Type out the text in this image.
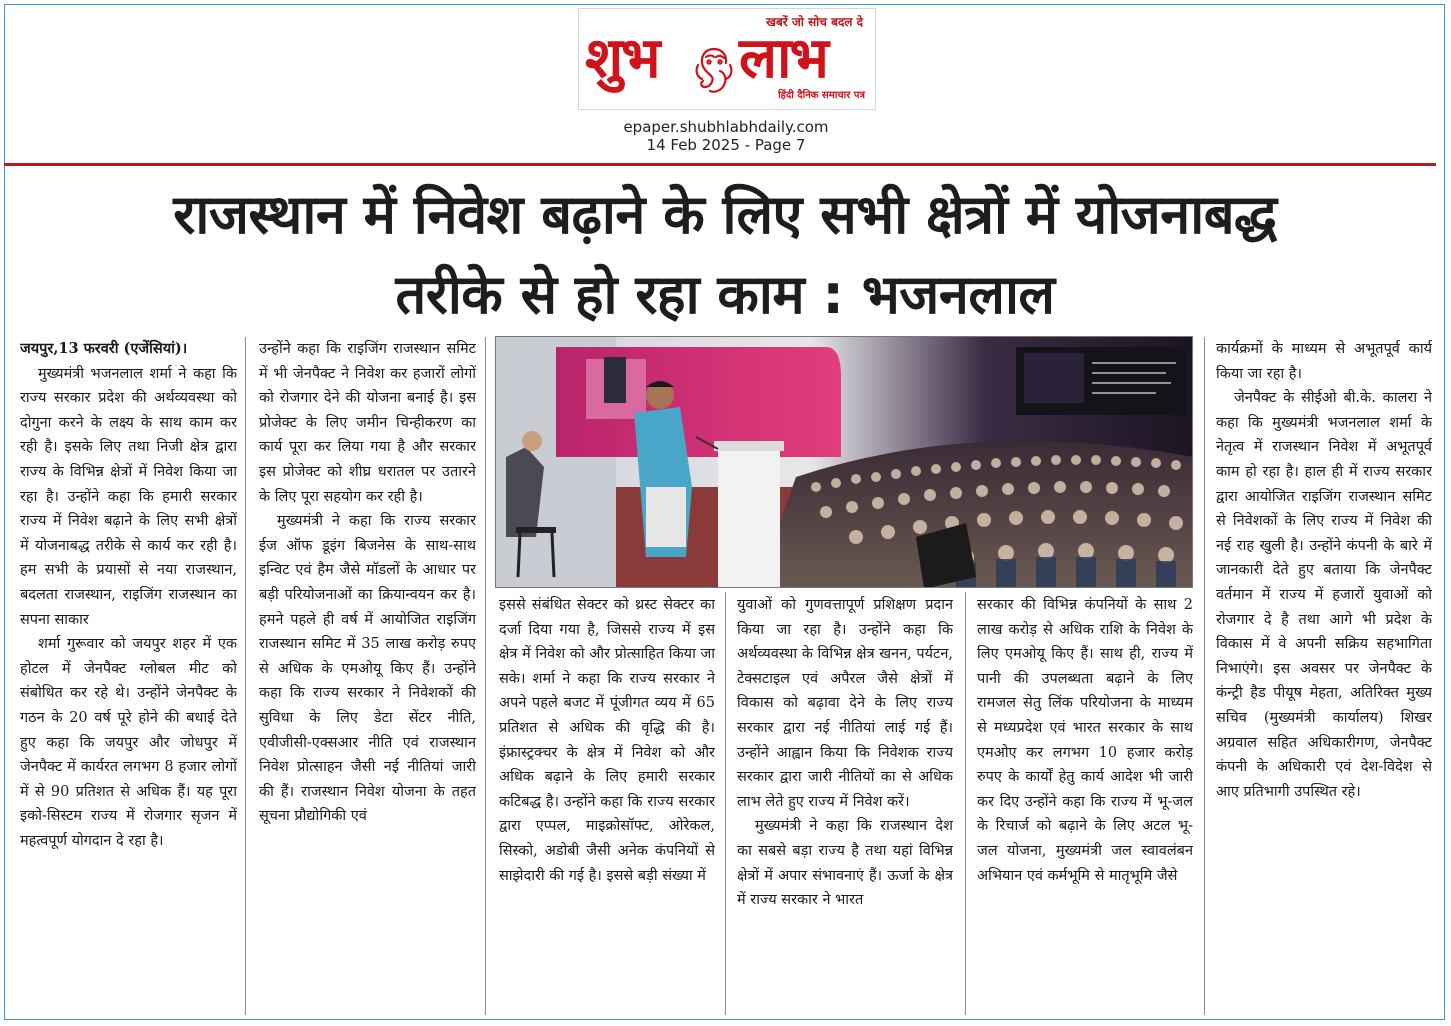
खबरें जो सोच बदल दे
शुभ लाभ
हिंदी दैनिक समाचार पत्र
epaper.shubhlabhdaily.com
14 Feb 2025 - Page 7
राजस्थान में निवेश बढ़ाने के लिए सभी क्षेत्रों में योजनाबद्ध
तरीके से हो रहा काम : भजनलाल

जयपुर,13 फरवरी (एजेंसियां)।

मुख्यमंत्री भजनलाल शर्मा ने कहा कि राज्य सरकार प्रदेश की अर्थव्यवस्था को दोगुना करने के लक्ष्य के साथ काम कर रही है। इसके लिए तथा निजी क्षेत्र द्वारा राज्य के विभिन्न क्षेत्रों में निवेश किया जा रहा है। उन्होंने कहा कि हमारी सरकार राज्य में निवेश बढ़ाने के लिए सभी क्षेत्रों में योजनाबद्ध तरीके से कार्य कर रही है। हम सभी के प्रयासों से नया राजस्थान, बदलता राजस्थान, राइजिंग राजस्थान का सपना साकार

शर्मा गुरूवार को जयपुर शहर में एक होटल में जेनपैक्ट ग्लोबल मीट को संबोधित कर रहे थे। उन्होंने जेनपैक्ट के गठन के 20 वर्ष पूरे होने की बधाई देते हुए कहा कि जयपुर और जोधपुर में जेनपैक्ट में कार्यरत लगभग 8 हजार लोगों में से 90 प्रतिशत से अधिक हैं। यह पूरा इको-सिस्टम राज्य में रोजगार सृजन में महत्वपूर्ण योगदान दे रहा है।

उन्होंने कहा कि राइजिंग राजस्थान समिट में भी जेनपैक्ट ने निवेश कर हजारों लोगों को रोजगार देने की योजना बनाई है। इस प्रोजेक्ट के लिए जमीन चिन्हीकरण का कार्य पूरा कर लिया गया है और सरकार इस प्रोजेक्ट को शीघ्र धरातल पर उतारने के लिए पूरा सहयोग कर रही है।

मुख्यमंत्री ने कहा कि राज्य सरकार ईज ऑफ डूइंग बिजनेस के साथ-साथ इन्विट एवं हैम जैसे मॉडलों के आधार पर बड़ी परियोजनाओं का क्रियान्वयन कर है। हमने पहले ही वर्ष में आयोजित राइजिंग राजस्थान समिट में 35 लाख करोड़ रुपए से अधिक के एमओयू किए हैं। उन्होंने कहा कि राज्य सरकार ने निवेशकों की सुविधा के लिए डेटा सेंटर नीति, एवीजीसी-एक्सआर नीति एवं राजस्थान निवेश प्रोत्साहन जैसी नई नीतियां जारी की हैं। राजस्थान निवेश योजना के तहत सूचना प्रौद्योगिकी एवं

इससे संबंधित सेक्टर को थ्रस्ट सेक्टर का दर्जा दिया गया है, जिससे राज्य में इस क्षेत्र में निवेश को और प्रोत्साहित किया जा सके। शर्मा ने कहा कि राज्य सरकार ने अपने पहले बजट में पूंजीगत व्यय में 65 प्रतिशत से अधिक की वृद्धि की है। इंफ्रास्ट्रक्चर के क्षेत्र में निवेश को और अधिक बढ़ाने के लिए हमारी सरकार कटिबद्ध है। उन्होंने कहा कि राज्य सरकार द्वारा एप्पल, माइक्रोसॉफ्ट, ओरेकल, सिस्को, अडोबी जैसी अनेक कंपनियों से साझेदारी की गई है। इससे बड़ी संख्या में

युवाओं को गुणवत्तापूर्ण प्रशिक्षण प्रदान किया जा रहा है। उन्होंने कहा कि अर्थव्यवस्था के विभिन्न क्षेत्र खनन, पर्यटन, टेक्सटाइल एवं अपैरल जैसे क्षेत्रों में विकास को बढ़ावा देने के लिए राज्य सरकार द्वारा नई नीतियां लाई गई हैं। उन्होंने आह्वान किया कि निवेशक राज्य सरकार द्वारा जारी नीतियों का से अधिक लाभ लेते हुए राज्य में निवेश करें।

मुख्यमंत्री ने कहा कि राजस्थान देश का सबसे बड़ा राज्य है तथा यहां विभिन्न क्षेत्रों में अपार संभावनाएं हैं। ऊर्जा के क्षेत्र में राज्य सरकार ने भारत

सरकार की विभिन्न कंपनियों के साथ 2 लाख करोड़ से अधिक राशि के निवेश के लिए एमओयू किए हैं। साथ ही, राज्य में पानी की उपलब्धता बढ़ाने के लिए रामजल सेतु लिंक परियोजना के माध्यम से मध्यप्रदेश एवं भारत सरकार के साथ एमओए कर लगभग 10 हजार करोड़ रुपए के कार्यों हेतु कार्य आदेश भी जारी कर दिए उन्होंने कहा कि राज्य में भू-जल के रिचार्ज को बढ़ाने के लिए अटल भू-जल योजना, मुख्यमंत्री जल स्वावलंबन अभियान एवं कर्मभूमि से मातृभूमि जैसे

कार्यक्रमों के माध्यम से अभूतपूर्व कार्य किया जा रहा है।

जेनपैक्ट के सीईओ बी.के. कालरा ने कहा कि मुख्यमंत्री भजनलाल शर्मा के नेतृत्व में राजस्थान निवेश में अभूतपूर्व काम हो रहा है। हाल ही में राज्य सरकार द्वारा आयोजित राइजिंग राजस्थान समिट से निवेशकों के लिए राज्य में निवेश की नई राह खुली है। उन्होंने कंपनी के बारे में जानकारी देते हुए बताया कि जेनपैक्ट वर्तमान में राज्य में हजारों युवाओं को रोजगार दे है तथा आगे भी प्रदेश के विकास में वे अपनी सक्रिय सहभागिता निभाएंगे। इस अवसर पर जेनपैक्ट के कंन्ट्री हैड पीयूष मेहता, अतिरिक्त मुख्य सचिव (मुख्यमंत्री कार्यालय) शिखर अग्रवाल सहित अधिकारीगण, जेनपैक्ट कंपनी के अधिकारी एवं देश-विदेश से आए प्रतिभागी उपस्थित रहे।
